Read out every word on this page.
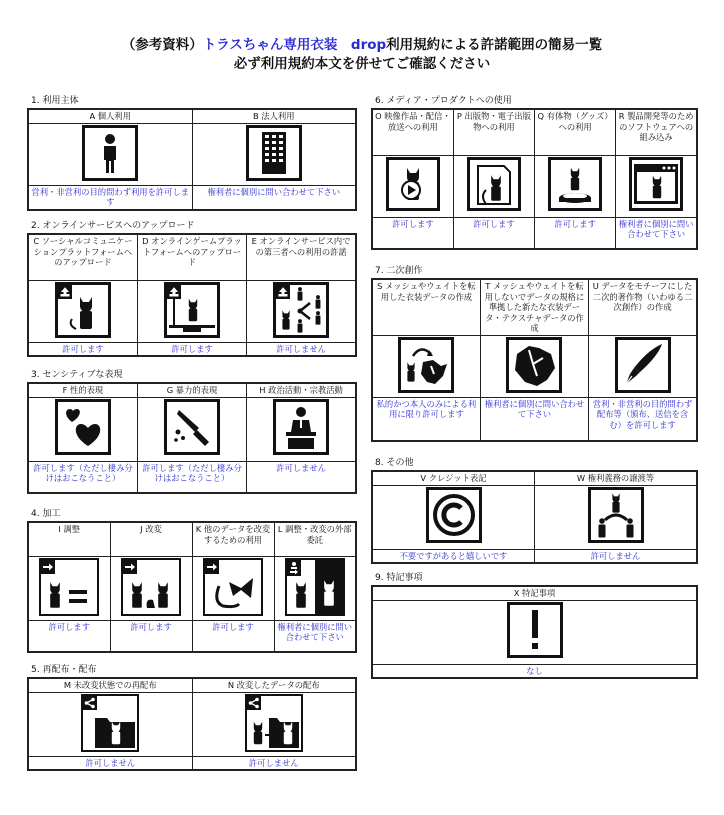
（参考資料）トラスちゃん専用衣装　drop利用規約による許諾範囲の簡易一覧
必ず利用規約本文を併せてご確認ください
1. 利用主体
A 個人利用	B 法人利用

営利・非営利の目的問わず利用を許可します	権利者に個別に問い合わせて下さい
2. オンラインサービスへのアップロード
C ソーシャルコミュニケーションプラットフォームへのアップロード	D オンラインゲームプラットフォームへのアップロード	E オンラインサービス内での第三者への利用の許諾

許可します	許可します	許可しません
3. センシティブな表現
F 性的表現	G 暴力的表現	H 政治活動・宗教活動

許可します（ただし棲み分けはおこなうこと）	許可します（ただし棲み分けはおこなうこと）	許可しません
4. 加工
I 調整	J 改変	K 他のデータを改変するための利用	L 調整・改変の外部委託

許可します	許可します	許可します	権利者に個別に問い合わせて下さい
5. 再配布・配布
M 未改変状態での再配布	N 改変したデータの配布

許可しません	許可しません
6. メディア・プロダクトへの使用
O 映像作品・配信・放送への利用	P 出版物・電子出版物への利用	Q 有体物（グッズ）への利用	R 製品開発等のためのソフトウェアへの組み込み

許可します	許可します	許可します	権利者に個別に問い合わせて下さい
7. 二次創作
S メッシュやウェイトを転用した衣装データの作成	T メッシュやウェイトを転用しないでデータの規格に準拠した新たな衣装データ・テクスチャデータの作成	U データをモチーフにした二次的著作物（いわゆる二次創作）の作成

私的かつ本人のみによる利用に限り許可します	権利者に個別に問い合わせて下さい	営利・非営利の目的問わず配布等（頒布、送信を含む）を許可します
8. その他
V クレジット表記	W 権利義務の譲渡等

不要ですがあると嬉しいです	許可しません
9. 特記事項
X 特記事項

なし
